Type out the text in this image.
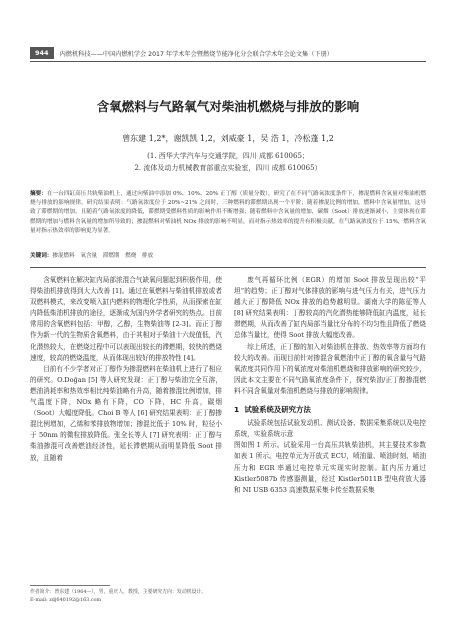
944	内燃机科技——中国内燃机学会 2017 年学术年会暨燃烧节能净化分会联合学术年会论文集（下册）
含氧燃料与气路氧气对柴油机燃烧与排放的影响
曾东建 1,2*，谢凯凯 1,2，刘威豪 1，吴 浩 1，冷松蓬 1,2
(1. 西华大学汽车与交通学院，四川 成都 610065；
2. 流体及动力机械教育部重点实验室，四川 成都 610065）
摘要：在一台四缸高压共轨柴油机上，通过向柴油中添加 0%、10%、20% 正丁醇（质量分数），研究了在不同气路氧浓度条件下，掺混燃料含氧量对柴油机燃烧与排放的影响规律。研究结果表明：气路氧浓度位于 20%~21% 之间时，三种燃料的滞燃期出现一个平阶；随着掺混比例的增加，燃料中含氧量增加，这导致了滞燃期的增加，且随着气路氧浓度的降低，滞燃期受燃料性质的影响作用不断增强；随着燃料中含氧量的增加，碳烟（Soot）排放逐渐减小，主要体现在滞燃期的增加与燃料含氧量的增加所导致的；掺混燃料对柴油机 NOx 排放的影响不明显，而对指示热效率的提升有积极贡献，在气路氧浓度位于 15%，燃料含氧量对指示热效率的影响更为显著。
关键词：掺混燃料　氧含量　滞燃期　燃烧　排放

含氧燃料在解决缸内局部浓混合气缺氧问题起到积极作用，使得柴油机排放得到大大改善 [1]。通过在氧燃料与柴油机排放或者双燃料模式，来改变喷入缸内燃料的物理化学性质，从而探索在缸内降低柴油机排放的途径，逐渐成为国内外学者研究的热点。目前常用的含氧燃料包括：甲醇，乙醇，生物柴油等 [2-3]。而正丁醇作为新一代的生物质含氧燃料，由于其相对于柴油十六烷值低，汽化潜热较大，在燃烧过程中可以表现出较长的滞燃期，较快的燃烧速度，较高的燃烧温度，从而体现出较好的排放特性 [4]。

目前有不少学者对正丁醇作为掺混燃料在柴油机上进行了相应的研究。O.Doğan [5] 等人研究发现：正丁醇与柴油完全互溶，燃油消耗率和热效率相比纯柴油略有升高，随着掺混比例增加，排气温度下降，NOx 略有下降，CO 下降，HC 升高，碳烟（Soot）大幅度降低。Choi B 等人 [6] 研究结果表明：正丁醇掺混比例增加，乙烯和苯排放物增加；掺混比低于 10% 时，粒径小于 50nm 的微粒排放降低。张全长等人 [7] 研究表明：正丁醇与柴油掺混可改善燃油经济性，延长滞燃期从而明显降低 Soot 排放，且随着

废气再循环比例（EGR）的增加 Soot 排放呈现出较“平坦”的趋势；正丁醇对气体排放的影响与进气压力有关，进气压力越大正丁醇降低 NOx 排放的趋势越明显。湖南大学的陈征等人 [8] 研究结果表明：丁醇较高的汽化潜热能够降低缸内温度，延长滞燃期，从而改善了缸内局部当量比分布的不均匀性且降低了燃烧总体当量比，使得 Soot 排放大幅度改善。

综上所述，正丁醇的加入对柴油机在排放、热效率等方面均有较大的改善。而现目前针对掺混含氧燃油中正丁醇的氧含量与气路氧浓度共同作用下的氧浓度对柴油机燃烧和排放影响的研究较少，因此本文主要在不同气路氧浓度条件下，探究柴油/正丁醇掺混燃料不同含氧量对柴油机燃烧与排放的影响规律。

1 试验系统及研究方法

试验系统包括试验发动机、测试设备、数据采集系统以及电控系统，实验系统示意

图如图 1 所示。试验采用一台高压共轨柴油机，其主要技术参数如表 1 所示。电控单元为开放式 ECU，喷油量、喷油时刻、喷油压力和 EGR 率通过电控单元实现实时控制。缸内压力通过 Kistler5087b 传感器测量，经过 Kistler5011B 型电荷放大器和 NI USB 6353 高速数据采集卡传至数据采集

作者简介：曾东建（1964—），男，重庆人，教授，主要研究方向：发动机设计。
E-mail: zdj640192@163.com
